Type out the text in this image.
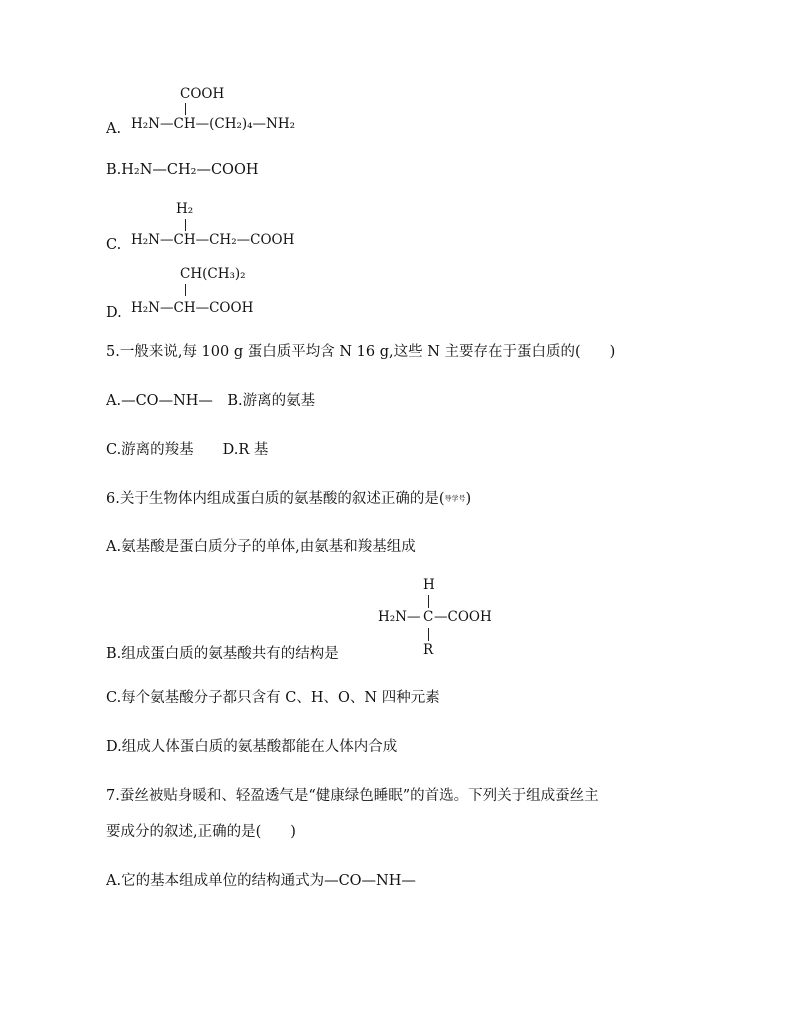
COOH
A. H₂N—CH—(CH₂)₄—NH₂
B.H₂N—CH₂—COOH
H₂
C. H₂N—CH—CH₂—COOH
CH(CH₃)₂
D. H₂N—CH—COOH
5.一般来说,每 100 g 蛋白质平均含 N 16 g,这些 N 主要存在于蛋白质的(　　)
A.—CO—NH—　B.游离的氨基
C.游离的羧基　　D.R 基
6.关于生物体内组成蛋白质的氨基酸的叙述正确的是(导学号)
A.氨基酸是蛋白质分子的单体,由氨基和羧基组成
H
H₂N— C —COOH
R
B.组成蛋白质的氨基酸共有的结构是
C.每个氨基酸分子都只含有 C、H、O、N 四种元素
D.组成人体蛋白质的氨基酸都能在人体内合成
7.蚕丝被贴身暖和、轻盈透气是“健康绿色睡眠”的首选。下列关于组成蚕丝主
要成分的叙述,正确的是(　　)
A.它的基本组成单位的结构通式为—CO—NH—
